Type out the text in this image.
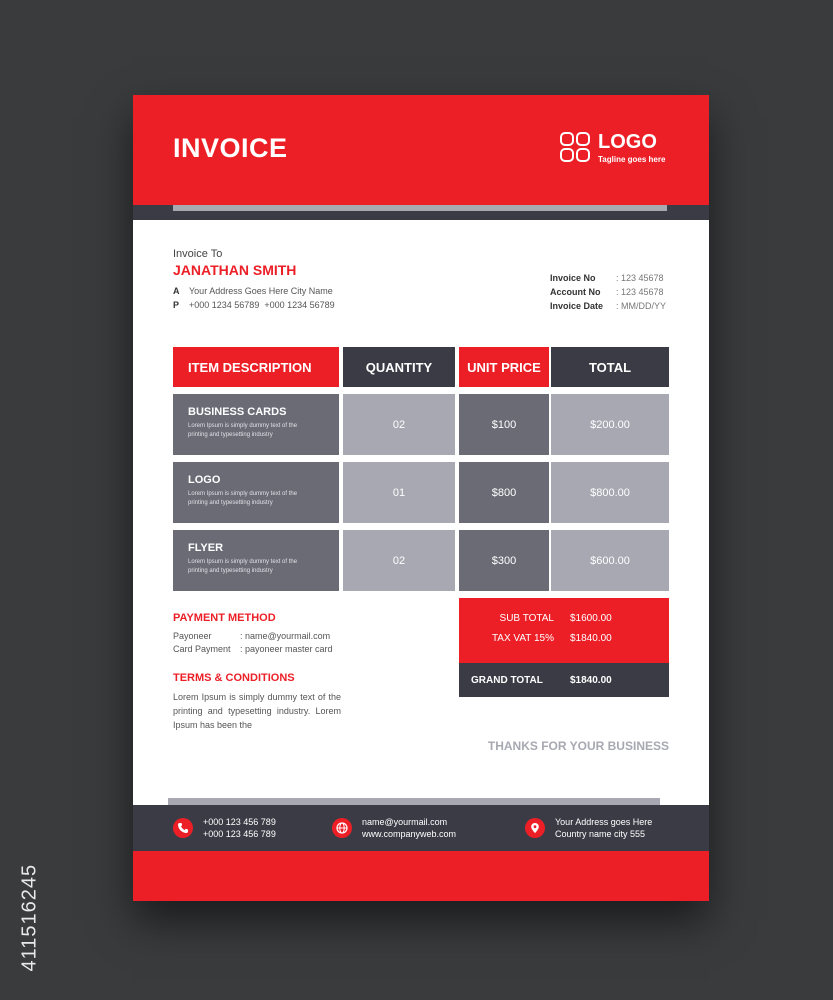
411516245
INVOICE	LOGO
Tagline goes here
Invoice To
JANATHAN SMITH
A Your Address Goes Here City Name
P +000 1234 56789  +000 1234 56789
Invoice No : 123 45678
Account No : 123 45678
Invoice Date : MM/DD/YY
ITEM DESCRIPTION	QUANTITY	UNIT PRICE	TOTAL
BUSINESS CARDS
Lorem Ipsum is simply dummy text of the printing and typesetting industry
02	$100	$200.00
LOGO
Lorem Ipsum is simply dummy text of the printing and typesetting industry
01	$800	$800.00
FLYER
Lorem Ipsum is simply dummy text of the printing and typesetting industry
02	$300	$600.00
PAYMENT METHOD
Payoneer	: name@yourmail.com
Card Payment : payoneer master card
TERMS & CONDITIONS
Lorem Ipsum is simply dummy text of the printing and typesetting industry. Lorem Ipsum has been the
SUB TOTAL	$1600.00
TAX VAT 15%	$1840.00
GRAND TOTAL	$1840.00
THANKS FOR YOUR BUSINESS
+000 123 456 789
+000 123 456 789
name@yourmail.com
www.companyweb.com
Your Address goes Here
Country name city 555
